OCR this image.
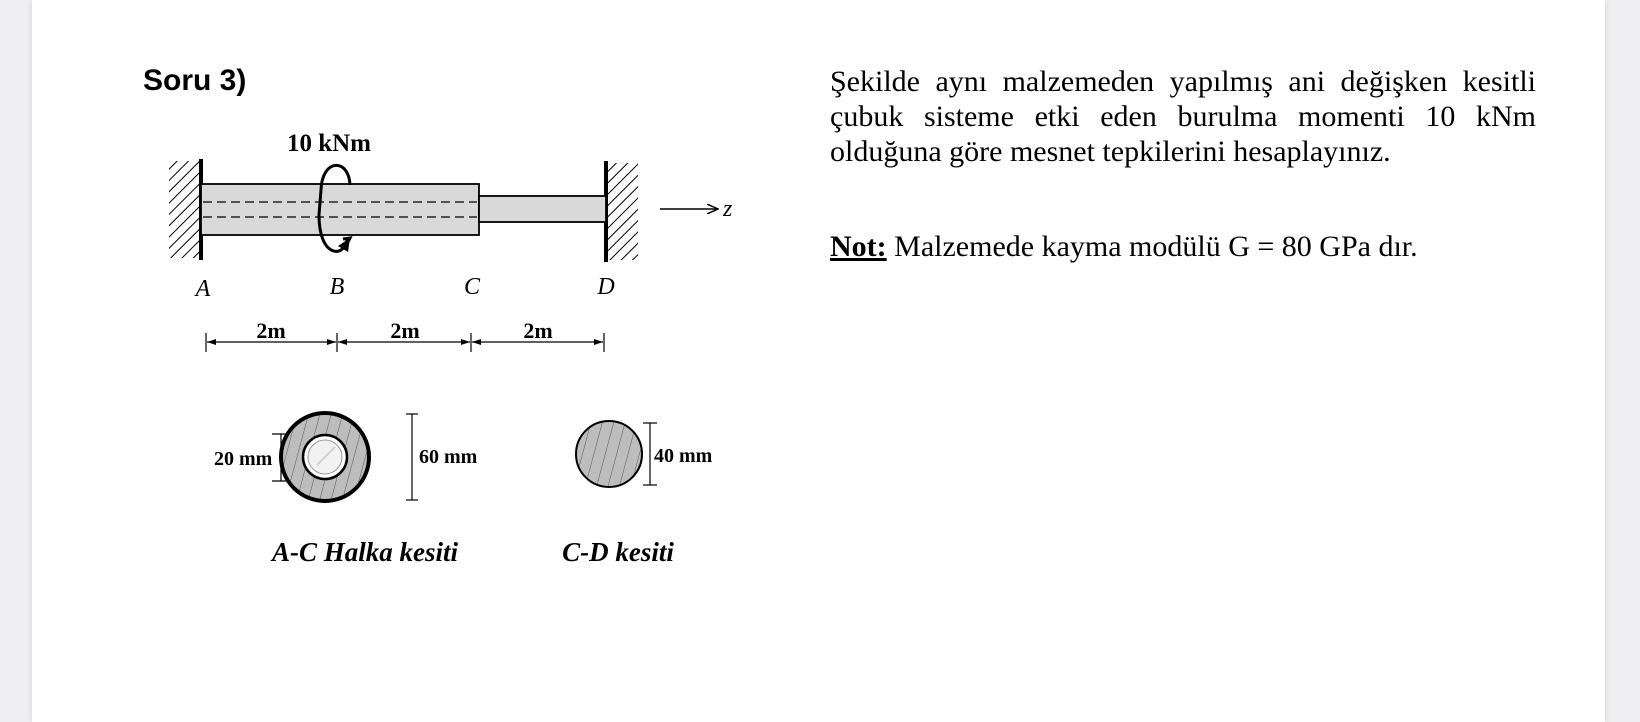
Soru 3)	Şekilde aynı malzemeden yapılmış ani değişken kesitli çubuk sisteme etki eden burulma momenti 10 kNm olduğuna göre mesnet tepkilerini hesaplayınız.

Not: Malzemede kayma modülü G = 80 GPa dır.

10 kNm
z
A	B	C	D
2m	2m	2m
20 mm	60 mm
A-C Halka kesiti
40 mm
C-D kesiti
